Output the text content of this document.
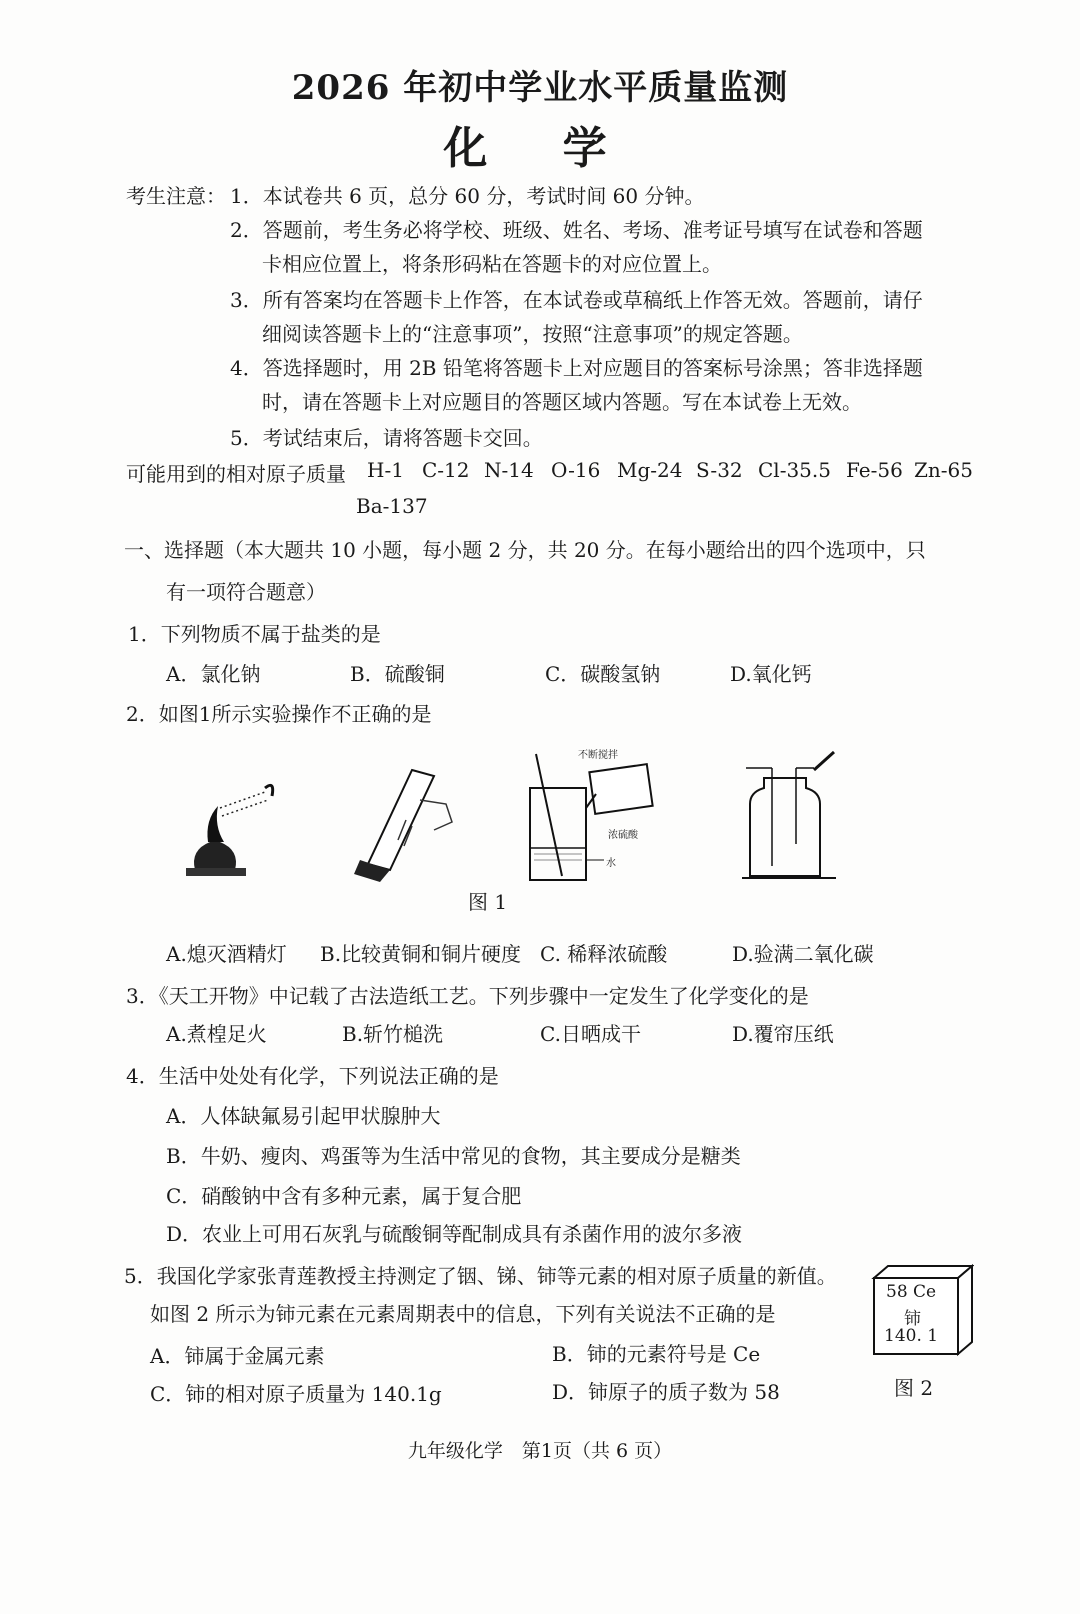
2026 年初中学业水平质量监测
化 学
考生注意： 1．本试卷共 6 页，总分 60 分，考试时间 60 分钟。
2．答题前，考生务必将学校、班级、姓名、考场、准考证号填写在试卷和答题
卡相应位置上，将条形码粘在答题卡的对应位置上。
3．所有答案均在答题卡上作答，在本试卷或草稿纸上作答无效。答题前，请仔
细阅读答题卡上的“注意事项”，按照“注意事项”的规定答题。
4．答选择题时，用 2B 铅笔将答题卡上对应题目的答案标号涂黑；答非选择题
时，请在答题卡上对应题目的答题区域内答题。写在本试卷上无效。
5．考试结束后，请将答题卡交回。
可能用到的相对原子质量 H-1 C-12 N-14 O-16 Mg-24 S-32 Cl-35.5 Fe-56 Zn-65
Ba-137
一、选择题（本大题共 10 小题，每小题 2 分，共 20 分。在每小题给出的四个选项中，只
有一项符合题意）
1．下列物质不属于盐类的是
A．氯化钠	B．硫酸铜	C．碳酸氢钠	D.氧化钙
2．如图1所示实验操作不正确的是
不断搅拌
浓硫酸
水
图 1
A.熄灭酒精灯 B.比较黄铜和铜片硬度 C. 稀释浓硫酸	D.验满二氧化碳
3．《天工开物》中记载了古法造纸工艺。下列步骤中一定发生了化学变化的是
A.煮楻足火	B.斩竹槌洗	C.日晒成干	D.覆帘压纸
4．生活中处处有化学，下列说法正确的是
A．人体缺氟易引起甲状腺肿大
B．牛奶、瘦肉、鸡蛋等为生活中常见的食物，其主要成分是糖类
C．硝酸钠中含有多种元素，属于复合肥
D．农业上可用石灰乳与硫酸铜等配制成具有杀菌作用的波尔多液
5．我国化学家张青莲教授主持测定了铟、锑、铈等元素的相对原子质量的新值。
如图 2 所示为铈元素在元素周期表中的信息，下列有关说法不正确的是
A．铈属于金属元素	B．铈的元素符号是 Ce
C．铈的相对原子质量为 140.1g	D．铈原子的质子数为 58
58 Ce
铈
140. 1
图 2
九年级化学　第1页（共 6 页）
